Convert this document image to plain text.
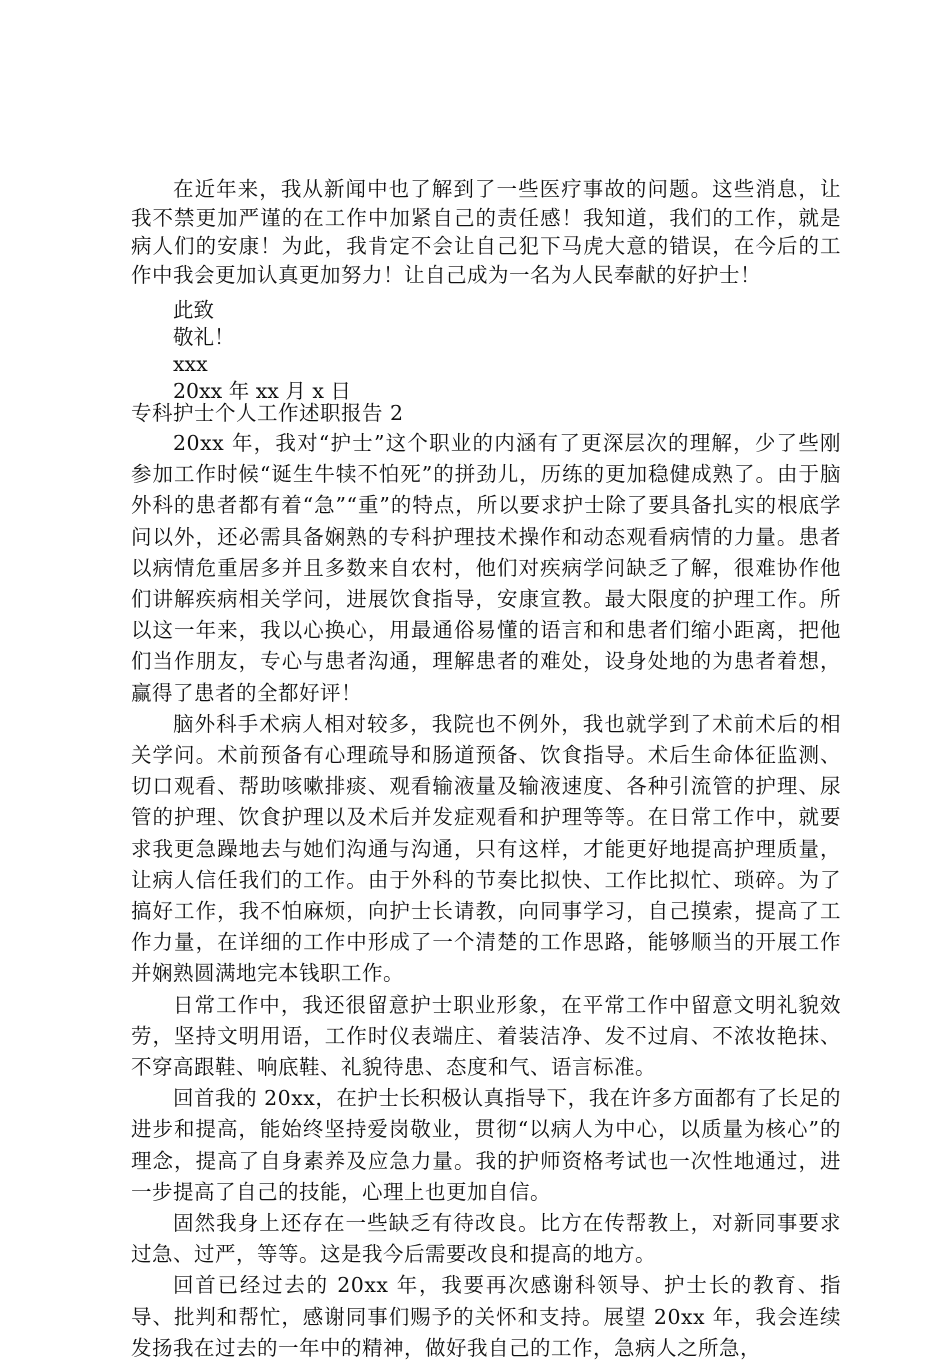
在近年来，我从新闻中也了解到了一些医疗事故的问题。这些消息，让我不禁更加严谨的在工作中加紧自己的责任感！我知道，我们的工作，就是病人们的安康！为此，我肯定不会让自己犯下马虎大意的错误，在今后的工作中我会更加认真更加努力！让自己成为一名为人民奉献的好护士！

此致
敬礼！
xxx
20xx 年 xx 月 x 日
专科护士个人工作述职报告 2

20xx 年，我对“护士”这个职业的内涵有了更深层次的理解，少了些刚参加工作时候“诞生牛犊不怕死”的拼劲儿，历练的更加稳健成熟了。由于脑外科的患者都有着“急”“重”的特点，所以要求护士除了要具备扎实的根底学问以外，还必需具备娴熟的专科护理技术操作和动态观看病情的力量。患者以病情危重居多并且多数来自农村，他们对疾病学问缺乏了解，很难协作他们讲解疾病相关学问，进展饮食指导，安康宣教。最大限度的护理工作。所以这一年来，我以心换心，用最通俗易懂的语言和和患者们缩小距离，把他们当作朋友，专心与患者沟通，理解患者的难处，设身处地的为患者着想，赢得了患者的全都好评！

脑外科手术病人相对较多，我院也不例外，我也就学到了术前术后的相关学问。术前预备有心理疏导和肠道预备、饮食指导。术后生命体征监测、切口观看、帮助咳嗽排痰、观看输液量及输液速度、各种引流管的护理、尿管的护理、饮食护理以及术后并发症观看和护理等等。在日常工作中，就要求我更急躁地去与她们沟通与沟通，只有这样，才能更好地提高护理质量，让病人信任我们的工作。由于外科的节奏比拟快、工作比拟忙、琐碎。为了搞好工作，我不怕麻烦，向护士长请教，向同事学习，自己摸索，提高了工作力量，在详细的工作中形成了一个清楚的工作思路，能够顺当的开展工作并娴熟圆满地完本钱职工作。

日常工作中，我还很留意护士职业形象，在平常工作中留意文明礼貌效劳，坚持文明用语，工作时仪表端庄、着装洁净、发不过肩、不浓妆艳抹、不穿高跟鞋、响底鞋、礼貌待患、态度和气、语言标准。

回首我的 20xx，在护士长积极认真指导下，我在许多方面都有了长足的进步和提高，能始终坚持爱岗敬业，贯彻“以病人为中心，以质量为核心”的理念，提高了自身素养及应急力量。我的护师资格考试也一次性地通过，进一步提高了自己的技能，心理上也更加自信。

固然我身上还存在一些缺乏有待改良。比方在传帮教上，对新同事要求过急、过严，等等。这是我今后需要改良和提高的地方。

回首已经过去的 20xx 年，我要再次感谢科领导、护士长的教育、指导、批判和帮忙，感谢同事们赐予的关怀和支持。展望 20xx 年，我会连续发扬我在过去的一年中的精神，做好我自己的工作，急病人之所急，
